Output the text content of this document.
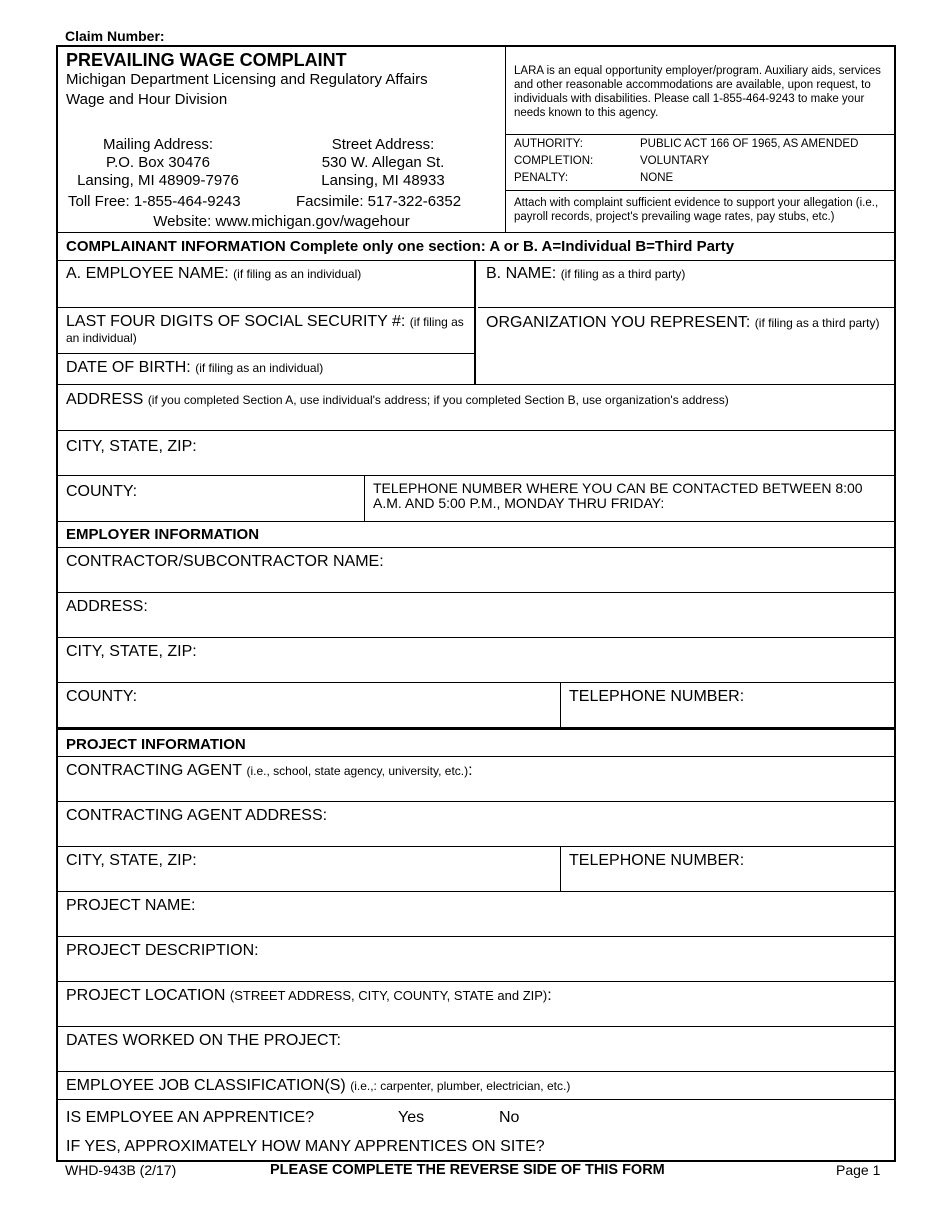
Claim Number:
PREVAILING WAGE COMPLAINT
Michigan Department Licensing and Regulatory Affairs
Wage and Hour Division
Mailing Address:
P.O. Box 30476
Lansing, MI 48909-7976
Street Address:
530 W. Allegan St.
Lansing, MI 48933
Toll Free: 1-855-464-9243	Facsimile: 517-322-6352
Website: www.michigan.gov/wagehour
LARA is an equal opportunity employer/program. Auxiliary aids, services and other reasonable accommodations are available, upon request, to individuals with disabilities. Please call 1-855-464-9243 to make your needs known to this agency.
AUTHORITY:	PUBLIC ACT 166 OF 1965, AS AMENDED
COMPLETION:	VOLUNTARY
PENALTY:	NONE
Attach with complaint sufficient evidence to support your allegation (i.e., payroll records, project's prevailing wage rates, pay stubs, etc.)
COMPLAINANT INFORMATION Complete only one section: A or B. A=Individual B=Third Party
A. EMPLOYEE NAME: (if filing as an individual)
LAST FOUR DIGITS OF SOCIAL SECURITY #: (if filing as an individual)
DATE OF BIRTH: (if filing as an individual)
B. NAME: (if filing as a third party)
ORGANIZATION YOU REPRESENT: (if filing as a third party)
ADDRESS (if you completed Section A, use individual's address; if you completed Section B, use organization's address)
CITY, STATE, ZIP:
COUNTY:	TELEPHONE NUMBER WHERE YOU CAN BE CONTACTED BETWEEN 8:00 A.M. AND 5:00 P.M., MONDAY THRU FRIDAY:
EMPLOYER INFORMATION
CONTRACTOR/SUBCONTRACTOR NAME:
ADDRESS:
CITY, STATE, ZIP:
COUNTY:	TELEPHONE NUMBER:
PROJECT INFORMATION
CONTRACTING AGENT (i.e., school, state agency, university, etc.):
CONTRACTING AGENT ADDRESS:
CITY, STATE, ZIP:	TELEPHONE NUMBER:
PROJECT NAME:
PROJECT DESCRIPTION:
PROJECT LOCATION (STREET ADDRESS, CITY, COUNTY, STATE and ZIP):
DATES WORKED ON THE PROJECT:
EMPLOYEE JOB CLASSIFICATION(S) (i.e.,: carpenter, plumber, electrician, etc.)
IS EMPLOYEE AN APPRENTICE?	Yes	No
IF YES, APPROXIMATELY HOW MANY APPRENTICES ON SITE?
WHD-943B (2/17)	PLEASE COMPLETE THE REVERSE SIDE OF THIS FORM	Page 1
